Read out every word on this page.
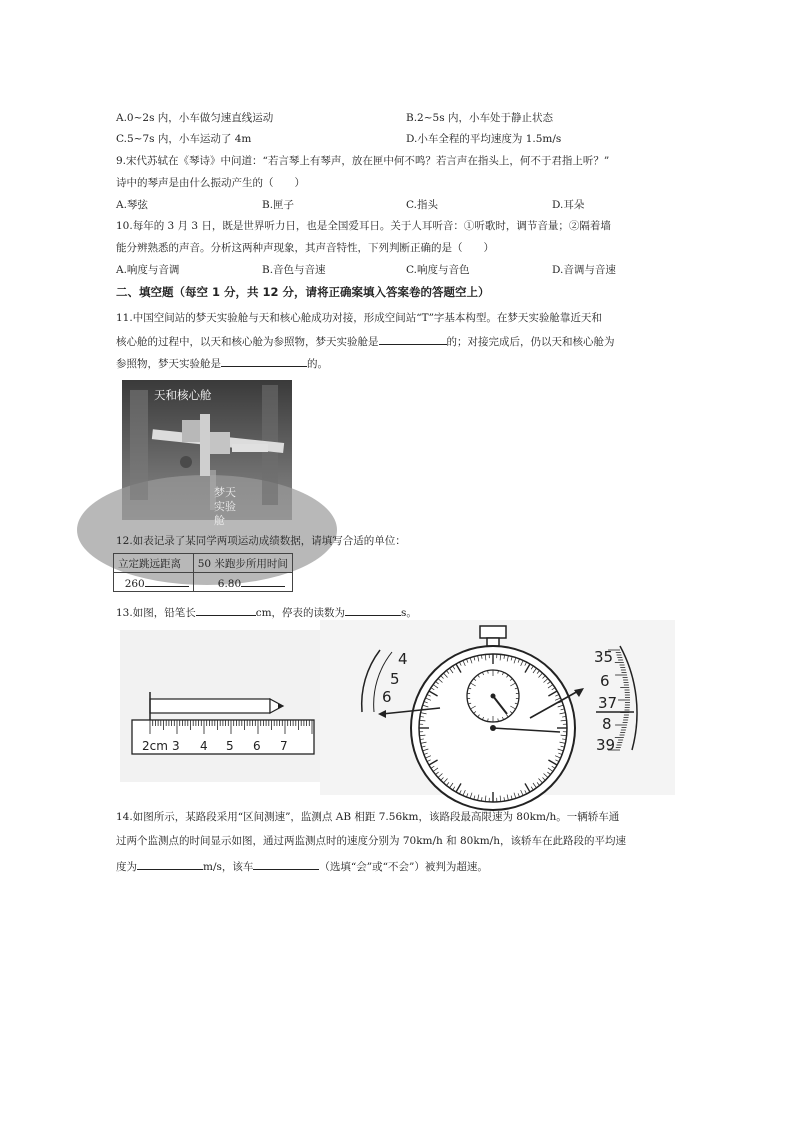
A.0~2s 内，小车做匀速直线运动	B.2~5s 内，小车处于静止状态
C.5~7s 内，小车运动了 4m	D.小车全程的平均速度为 1.5m/s
9.宋代苏轼在《琴诗》中问道：“若言琴上有琴声，放在匣中何不鸣？若言声在指头上，何不于君指上听？”
诗中的琴声是由什么振动产生的（　　）
A.琴弦	B.匣子	C.指头	D.耳朵
10.每年的 3 月 3 日，既是世界听力日，也是全国爱耳日。关于人耳听音：①听歌时，调节音量；②隔着墙
能分辨熟悉的声音。分析这两种声现象，其声音特性，下列判断正确的是（　　）
A.响度与音调	B.音色与音速	C.响度与音色	D.音调与音速
二、填空题（每空 1 分，共 12 分，请将正确案填入答案卷的答题空上）
11.中国空间站的梦天实验舱与天和核心舱成功对接，形成空间站“T”字基本构型。在梦天实验舱靠近天和
核心舱的过程中，以天和核心舱为参照物，梦天实验舱是	的；对接完成后，仍以天和核心舱为
参照物，梦天实验舱是	的。
天和核心舱
梦天实验舱
12.如表记录了某同学两项运动成绩数据，请填写合适的单位：
立定跳远距离	50 米跑步所用时间
260	6.80
13.如图，铅笔长	cm，停表的读数为	s。
2cm 3 4 5 6 7
4
5
6
35
6
37
8
39
14.如图所示，某路段采用“区间测速”，监测点 AB 相距 7.56km，该路段最高限速为 80km/h。一辆轿车通
过两个监测点的时间显示如图，通过两监测点时的速度分别为 70km/h 和 80km/h，该轿车在此路段的平均速
度为	m/s，该车	（选填“会”或“不会”）被判为超速。
